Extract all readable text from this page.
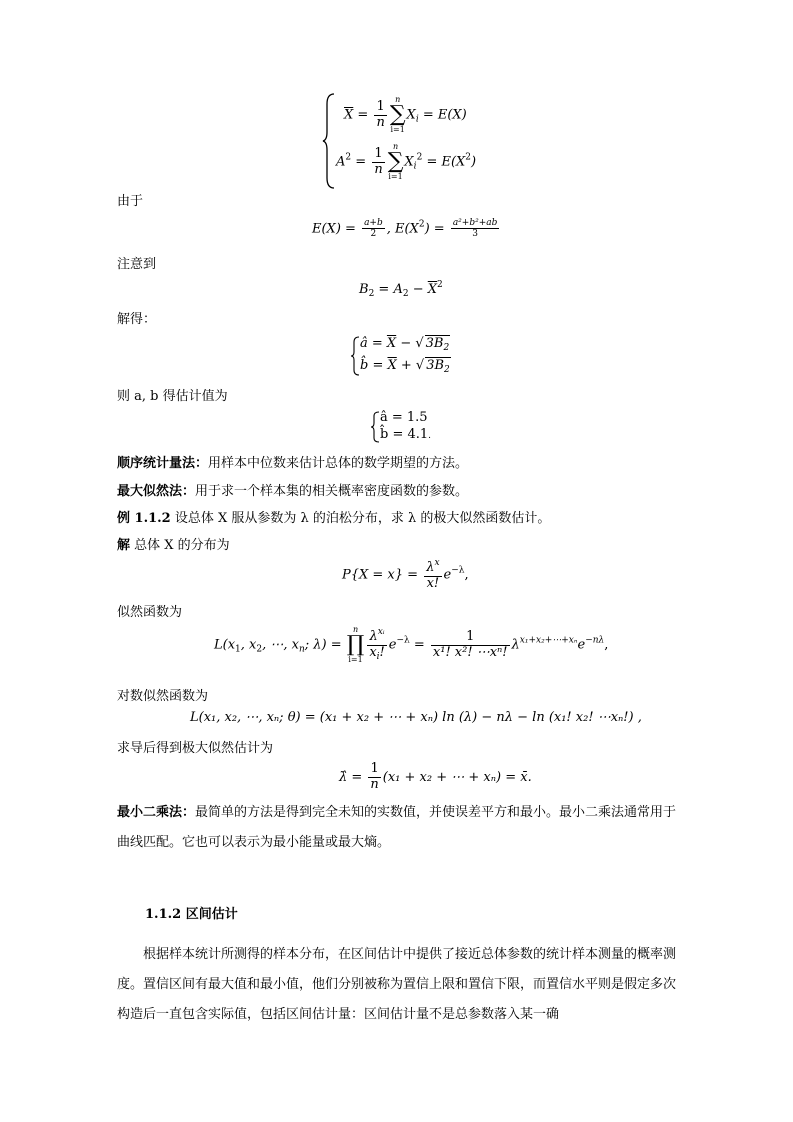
$\overline{X} = \frac{1}{n}$
n
∑
i=1
$X_i = E(X)$
$A^2 = \frac{1}{n}$
n
∑
i=1
$X_i^2 = E(X^2)$
由于
$E(X) = \frac{a+b}{2}$ , $E(X^2) = \frac{\text{a²+b²+ab}}{3}$
注意到
$B_2 = A_2 - \overline{X}^2$
解得：
â = $\overline{X}$ − √ $3B_2$
b̂ = $\overline{X}$ + √ $3B_2$
则 a, b 得估计值为
â = 1.5
b̂ = 4.1.
顺序统计量法：用样本中位数来估计总体的数学期望的方法。
最大似然法：用于求一个样本集的相关概率密度函数的参数。
例 1.1.2 设总体 X 服从参数为 λ 的泊松分布，求 λ 的极大似然函数估计。
解 总体 X 的分布为
$P\{X = x\} = \frac{\lambda^x}{x!} e^{-\lambda}$,
似然函数为
$L(x_1$, $x_2$, ⋯, $x_n$; λ) =
n
∏
$i=1 \frac{\lambda^{xᵢ}}{x_i!} e^{-\lambda} = \frac{1}{\text{x¹! x²! ⋯xⁿ!}} \lambda^{x_1+x_2+\cdots+x_n}e^{-n\lambda}$,
对数似然函数为
L(x₁, x₂, ⋯, xₙ; θ) = (x₁ + x₂ + ⋯ + xₙ) ln (λ) − nλ − ln (x₁! x₂! ⋯xₙ!) ,
求导后得到极大似然估计为
λ̂ = $\frac{1}{n} (x_1 + x_2$ + ⋯ + xₙ) = x̄.
最小二乘法：最简单的方法是得到完全未知的实数值，并使误差平方和最小。最小二乘法通常用于曲线匹配。它也可以表示为最小能量或最大熵。
1.1.2 区间估计
根据样本统计所测得的样本分布，在区间估计中提供了接近总体参数的统计样本测量的概率测度。置信区间有最大值和最小值，他们分别被称为置信上限和置信下限，而置信水平则是假定多次构造后一直包含实际值，包括区间估计量：区间估计量不是总参数落入某一确
